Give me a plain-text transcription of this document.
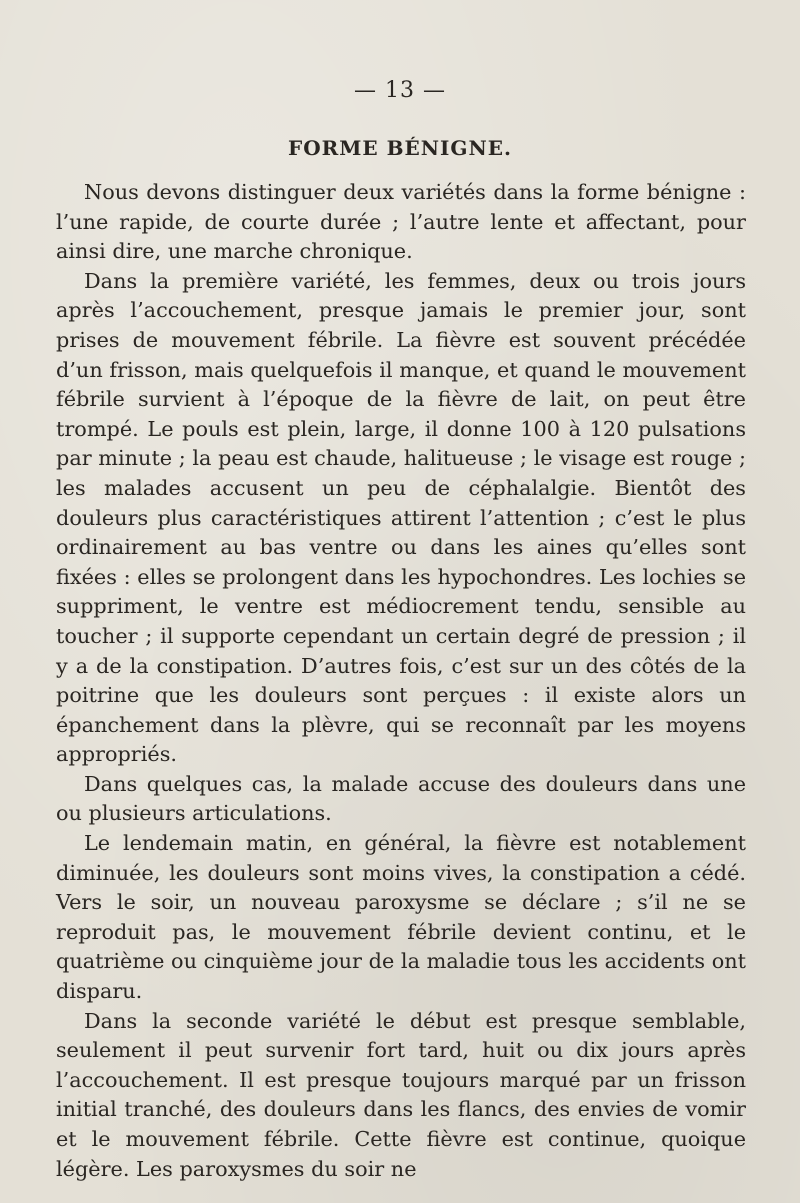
— 13 —
FORME BÉNIGNE.

Nous devons distinguer deux variétés dans la forme bénigne : l’une rapide, de courte durée ; l’autre lente et affectant, pour ainsi dire, une marche chronique.

Dans la première variété, les femmes, deux ou trois jours après l’accouchement, presque jamais le premier jour, sont prises de mouvement fébrile. La fièvre est souvent précédée d’un frisson, mais quelquefois il manque, et quand le mouvement fébrile survient à l’époque de la fièvre de lait, on peut être trompé. Le pouls est plein, large, il donne 100 à 120 pulsations par minute ; la peau est chaude, halitueuse ; le visage est rouge ; les malades accusent un peu de céphalalgie. Bientôt des douleurs plus caractéristiques attirent l’attention ; c’est le plus ordinairement au bas ventre ou dans les aines qu’elles sont fixées : elles se prolongent dans les hypochondres. Les lochies se suppriment, le ventre est médiocrement tendu, sensible au toucher ; il supporte cependant un certain degré de pression ; il y a de la constipation. D’autres fois, c’est sur un des côtés de la poitrine que les douleurs sont perçues : il existe alors un épanchement dans la plèvre, qui se reconnaît par les moyens appropriés.

Dans quelques cas, la malade accuse des douleurs dans une ou plusieurs articulations.

Le lendemain matin, en général, la fièvre est notablement diminuée, les douleurs sont moins vives, la constipation a cédé. Vers le soir, un nouveau paroxysme se déclare ; s’il ne se reproduit pas, le mouvement fébrile devient continu, et le quatrième ou cinquième jour de la maladie tous les accidents ont disparu.

Dans la seconde variété le début est presque semblable, seulement il peut survenir fort tard, huit ou dix jours après l’accouchement. Il est presque toujours marqué par un frisson initial tranché, des douleurs dans les flancs, des envies de vomir et le mouvement fébrile. Cette fièvre est continue, quoique légère. Les paroxysmes du soir ne
